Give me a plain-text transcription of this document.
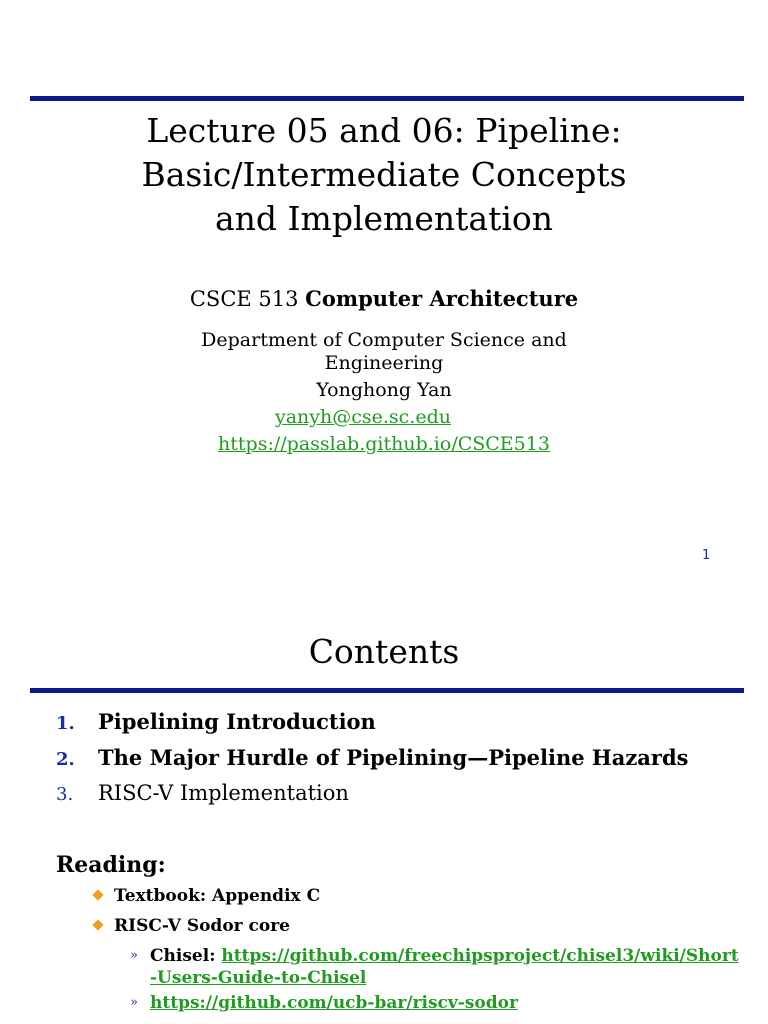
Lecture 05 and 06: Pipeline:
Basic/Intermediate Concepts
and Implementation
CSCE 513 Computer Architecture
Department of Computer Science and
Engineering
Yonghong Yan
yanyh@cse.sc.edu
https://passlab.github.io/CSCE513
1
Contents
1. Pipelining Introduction
2. The Major Hurdle of Pipelining—Pipeline Hazards
3. RISC-V Implementation
Reading:
Textbook: Appendix C
RISC-V Sodor core
» Chisel: https://github.com/freechipsproject/chisel3/wiki/Short-Users-Guide-to-Chisel
» https://github.com/ucb-bar/riscv-sodor
